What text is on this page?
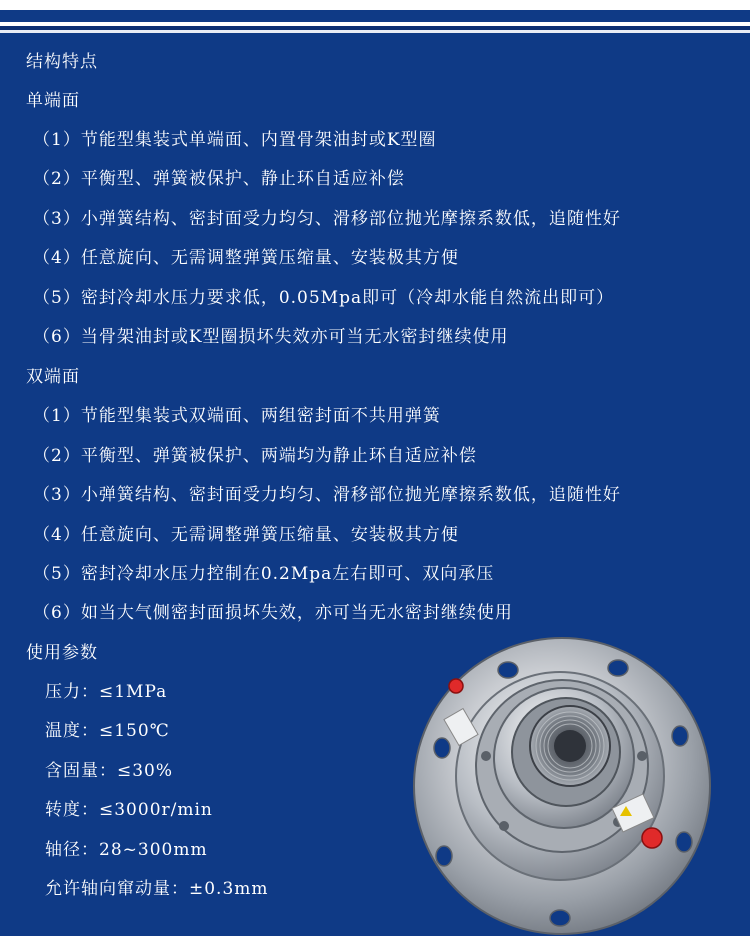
结构特点
单端面
（1）节能型集装式单端面、内置骨架油封或K型圈
（2）平衡型、弹簧被保护、静止环自适应补偿
（3）小弹簧结构、密封面受力均匀、滑移部位抛光摩擦系数低，追随性好
（4）任意旋向、无需调整弹簧压缩量、安装极其方便
（5）密封冷却水压力要求低，0.05Mpa即可（冷却水能自然流出即可）
（6）当骨架油封或K型圈损坏失效亦可当无水密封继续使用
双端面
（1）节能型集装式双端面、两组密封面不共用弹簧
（2）平衡型、弹簧被保护、两端均为静止环自适应补偿
（3）小弹簧结构、密封面受力均匀、滑移部位抛光摩擦系数低，追随性好
（4）任意旋向、无需调整弹簧压缩量、安装极其方便
（5）密封冷却水压力控制在0.2Mpa左右即可、双向承压
（6）如当大气侧密封面损坏失效，亦可当无水密封继续使用
使用参数
压力：≤1MPa
温度：≤150℃
含固量：≤30%
转度：≤3000r/min
轴径：28~300mm
允许轴向窜动量：±0.3mm
